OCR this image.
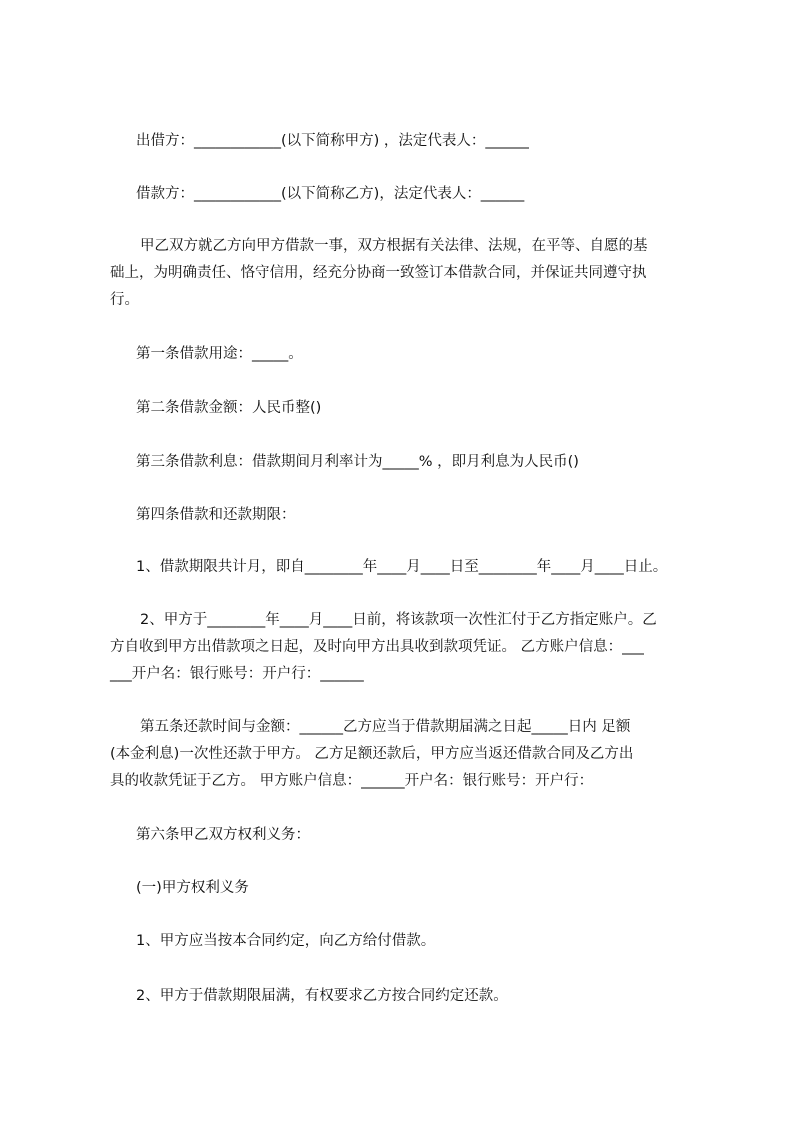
出借方：____________(以下简称甲方) ，法定代表人：______
借款方：____________(以下简称乙方)，法定代表人：______
甲乙双方就乙方向甲方借款一事，双方根据有关法律、法规，在平等、自愿的基
础上，为明确责任、恪守信用，经充分协商一致签订本借款合同，并保证共同遵守执
行。
第一条借款用途：_____。
第二条借款金额：人民币整()
第三条借款利息：借款期间月利率计为_____% ，即月利息为人民币()
第四条借款和还款期限：
1、借款期限共计月，即自________年____月____日至________年____月____日止。
2、甲方于________年____月____日前，将该款项一次性汇付于乙方指定账户。乙
方自收到甲方出借款项之日起，及时向甲方出具收到款项凭证。 乙方账户信息：___
___开户名：银行账号：开户行：______
第五条还款时间与金额：______乙方应当于借款期届满之日起_____日内 足额
(本金利息)一次性还款于甲方。 乙方足额还款后，甲方应当返还借款合同及乙方出
具的收款凭证于乙方。 甲方账户信息：______开户名：银行账号：开户行：
第六条甲乙双方权利义务：
(一)甲方权利义务
1、甲方应当按本合同约定，向乙方给付借款。
2、甲方于借款期限届满，有权要求乙方按合同约定还款。
